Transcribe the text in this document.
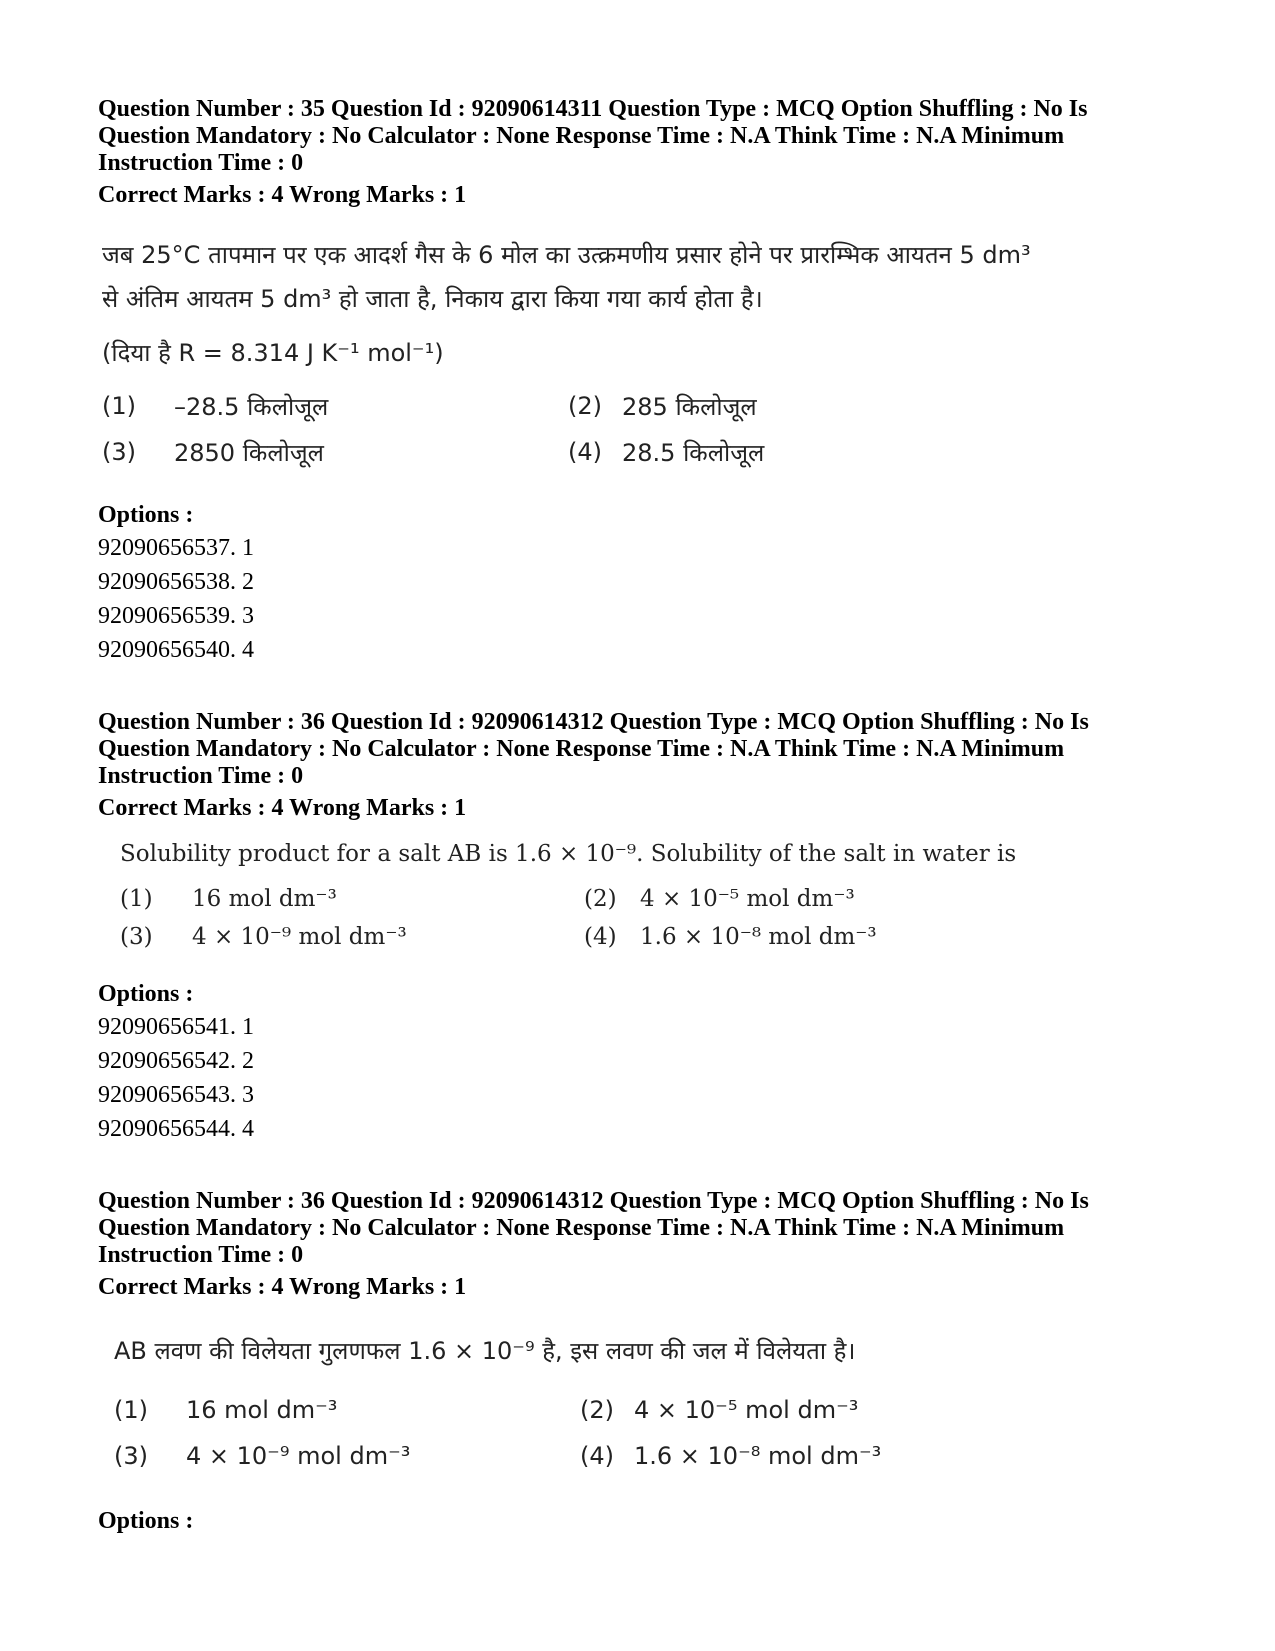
Question Number : 35 Question Id : 92090614311 Question Type : MCQ Option Shuffling : No Is

Question Mandatory : No Calculator : None Response Time : N.A Think Time : N.A Minimum

Instruction Time : 0

Correct Marks : 4 Wrong Marks : 1

जब 25°C तापमान पर एक आदर्श गैस के 6 मोल का उत्क्रमणीय प्रसार होने पर प्रारम्भिक आयतन 5 dm³

से अंतिम आयतम 5 dm³ हो जाता है, निकाय द्वारा किया गया कार्य होता है।

(दिया है R = 8.314 J K⁻¹ mol⁻¹)

(1)	–28.5 किलोजूल	(2) 285 किलोजूल
(3)	2850 किलोजूल	(4) 28.5 किलोजूल
Options :
92090656537. 1
92090656538. 2
92090656539. 3
92090656540. 4

Question Number : 36 Question Id : 92090614312 Question Type : MCQ Option Shuffling : No Is

Question Mandatory : No Calculator : None Response Time : N.A Think Time : N.A Minimum

Instruction Time : 0

Correct Marks : 4 Wrong Marks : 1

Solubility product for a salt AB is 1.6 × 10⁻⁹. Solubility of the salt in water is

(1)	16 mol dm⁻³	(2)	4 × 10⁻⁵ mol dm⁻³
(3)	4 × 10⁻⁹ mol dm⁻³	(4)	1.6 × 10⁻⁸ mol dm⁻³
Options :
92090656541. 1
92090656542. 2
92090656543. 3
92090656544. 4

Question Number : 36 Question Id : 92090614312 Question Type : MCQ Option Shuffling : No Is

Question Mandatory : No Calculator : None Response Time : N.A Think Time : N.A Minimum

Instruction Time : 0

Correct Marks : 4 Wrong Marks : 1

AB लवण की विलेयता गुलणफल 1.6 × 10⁻⁹ है, इस लवण की जल में विलेयता है।

(1)	16 mol dm⁻³	(2) 4 × 10⁻⁵ mol dm⁻³
(3)	4 × 10⁻⁹ mol dm⁻³	(4) 1.6 × 10⁻⁸ mol dm⁻³
Options :
